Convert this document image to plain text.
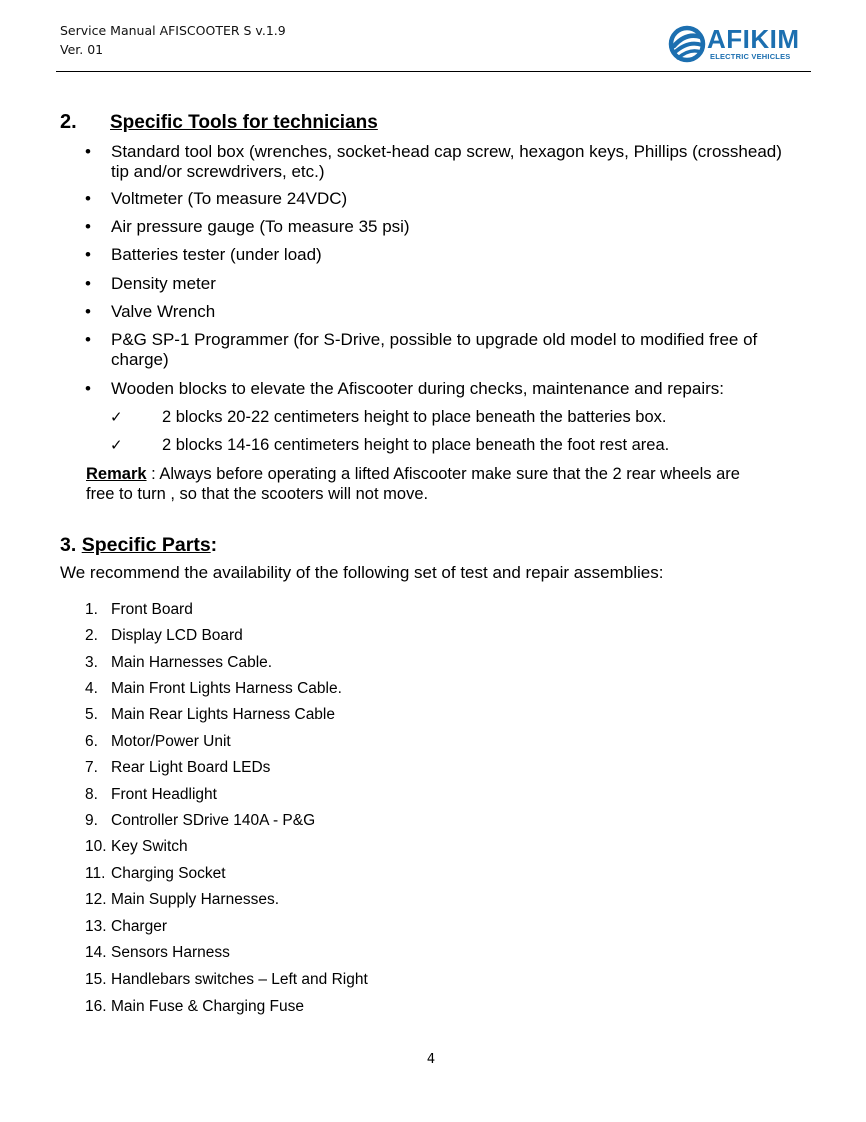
Service Manual AFISCOOTER S v.1.9
Ver. 01	AFIKIM
ELECTRIC VEHICLES
2. Specific Tools for technicians
• Standard tool box (wrenches, socket-head cap screw, hexagon keys, Phillips (crosshead) tip and/or screwdrivers, etc.)
• Voltmeter (To measure 24VDC)
• Air pressure gauge (To measure 35 psi)
• Batteries tester (under load)
• Density meter
• Valve Wrench
• P&G SP-1 Programmer (for S-Drive, possible to upgrade old model to modified free of charge)
• Wooden blocks to elevate the Afiscooter during checks, maintenance and repairs:
✓ 2 blocks 20-22 centimeters height to place beneath the batteries box.
✓ 2 blocks 14-16 centimeters height to place beneath the foot rest area.
Remark : Always before operating a lifted Afiscooter make sure that the 2 rear wheels are free to turn , so that the scooters will not move.
3. Specific Parts:
We recommend the availability of the following set of test and repair assemblies:
1. Front Board
2. Display LCD Board
3. Main Harnesses Cable.
4. Main Front Lights Harness Cable.
5. Main Rear Lights Harness Cable
6. Motor/Power Unit
7. Rear Light Board LEDs
8. Front Headlight
9. Controller SDrive 140A - P&G
10. Key Switch
11. Charging Socket
12. Main Supply Harnesses.
13. Charger
14. Sensors Harness
15. Handlebars switches – Left and Right
16. Main Fuse & Charging Fuse
4
